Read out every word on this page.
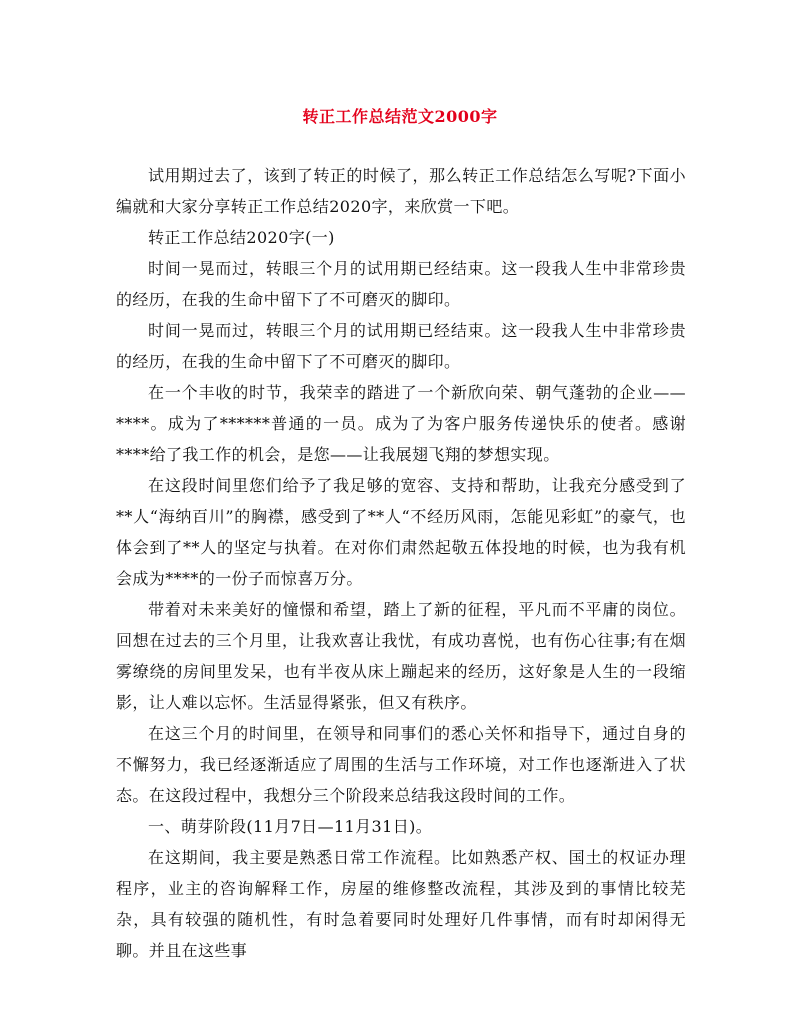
转正工作总结范文2000字

试用期过去了，该到了转正的时候了，那么转正工作总结怎么写呢?下面小编就和大家分享转正工作总结2020字，来欣赏一下吧。

转正工作总结2020字(一)

时间一晃而过，转眼三个月的试用期已经结束。这一段我人生中非常珍贵的经历，在我的生命中留下了不可磨灭的脚印。

时间一晃而过，转眼三个月的试用期已经结束。这一段我人生中非常珍贵的经历，在我的生命中留下了不可磨灭的脚印。

在一个丰收的时节，我荣幸的踏进了一个新欣向荣、朝气蓬勃的企业——****。成为了******普通的一员。成为了为客户服务传递快乐的使者。感谢****给了我工作的机会，是您——让我展翅飞翔的梦想实现。

在这段时间里您们给予了我足够的宽容、支持和帮助，让我充分感受到了**人“海纳百川”的胸襟，感受到了**人“不经历风雨，怎能见彩虹”的豪气，也体会到了**人的坚定与执着。在对你们肃然起敬五体投地的时候，也为我有机会成为****的一份子而惊喜万分。

带着对未来美好的憧憬和希望，踏上了新的征程，平凡而不平庸的岗位。回想在过去的三个月里，让我欢喜让我忧，有成功喜悦，也有伤心往事;有在烟雾缭绕的房间里发呆，也有半夜从床上蹦起来的经历，这好象是人生的一段缩影，让人难以忘怀。生活显得紧张，但又有秩序。

在这三个月的时间里，在领导和同事们的悉心关怀和指导下，通过自身的不懈努力，我已经逐渐适应了周围的生活与工作环境，对工作也逐渐进入了状态。在这段过程中，我想分三个阶段来总结我这段时间的工作。

一、萌芽阶段(11月7日—11月31日)。

在这期间，我主要是熟悉日常工作流程。比如熟悉产权、国土的权证办理程序，业主的咨询解释工作，房屋的维修整改流程，其涉及到的事情比较芜杂，具有较强的随机性，有时急着要同时处理好几件事情，而有时却闲得无聊。并且在这些事
